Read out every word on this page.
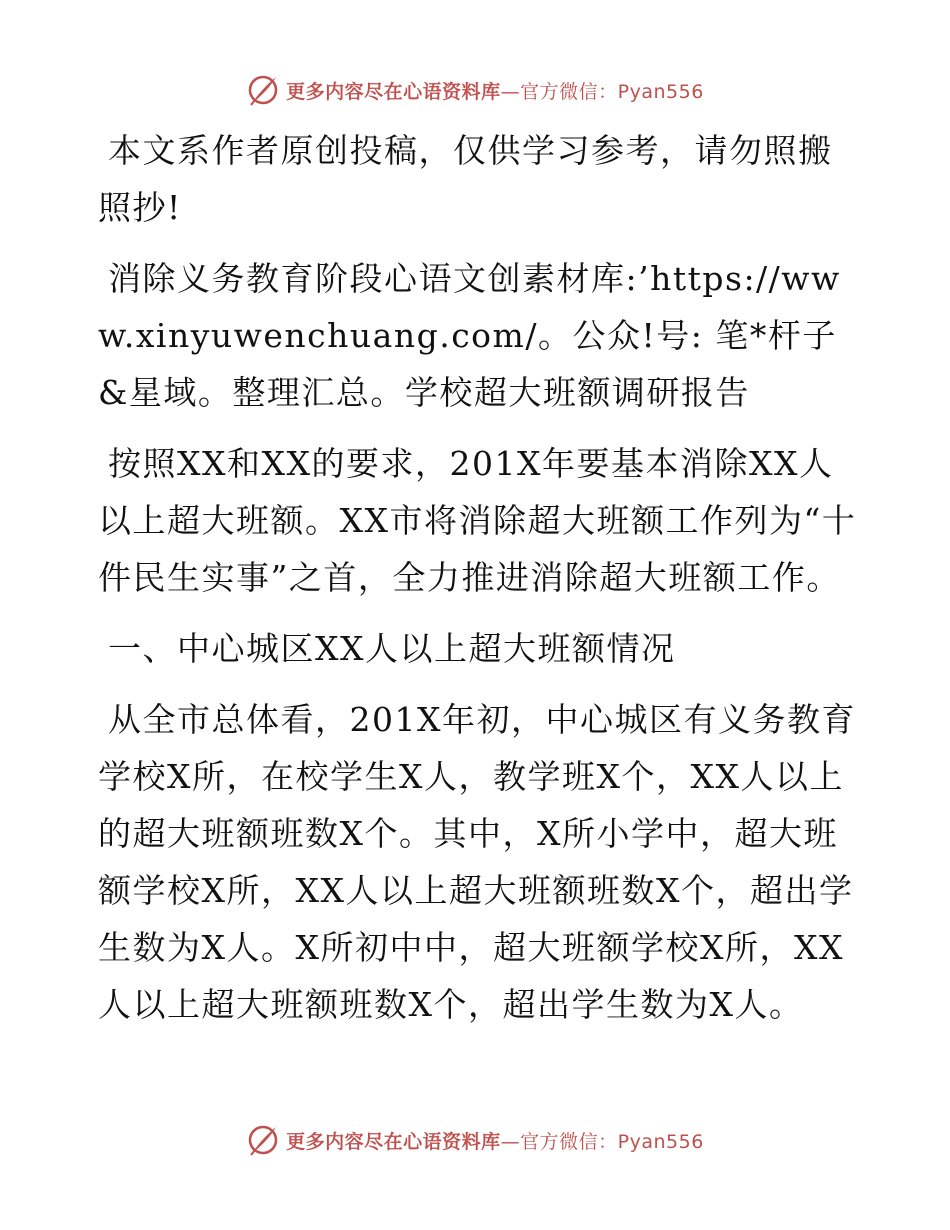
更多内容尽在心语资料库—官方微信：Pyan556

本文系作者原创投稿，仅供学习参考，请勿照搬照抄!

消除义务教育阶段心语文创素材库:’https://www.xinyuwenchuang.com/。公众!号: 笔*杆子&星域。整理汇总。学校超大班额调研报告

按照XX和XX的要求，201X年要基本消除XX人以上超大班额。XX市将消除超大班额工作列为“十件民生实事”之首，全力推进消除超大班额工作。

一、中心城区XX人以上超大班额情况

从全市总体看，201X年初，中心城区有义务教育学校X所，在校学生X人，教学班X个，XX人以上的超大班额班数X个。其中，X所小学中，超大班额学校X所，XX人以上超大班额班数X个，超出学生数为X人。X所初中中，超大班额学校X所，XX人以上超大班额班数X个，超出学生数为X人。

更多内容尽在心语资料库—官方微信：Pyan556
